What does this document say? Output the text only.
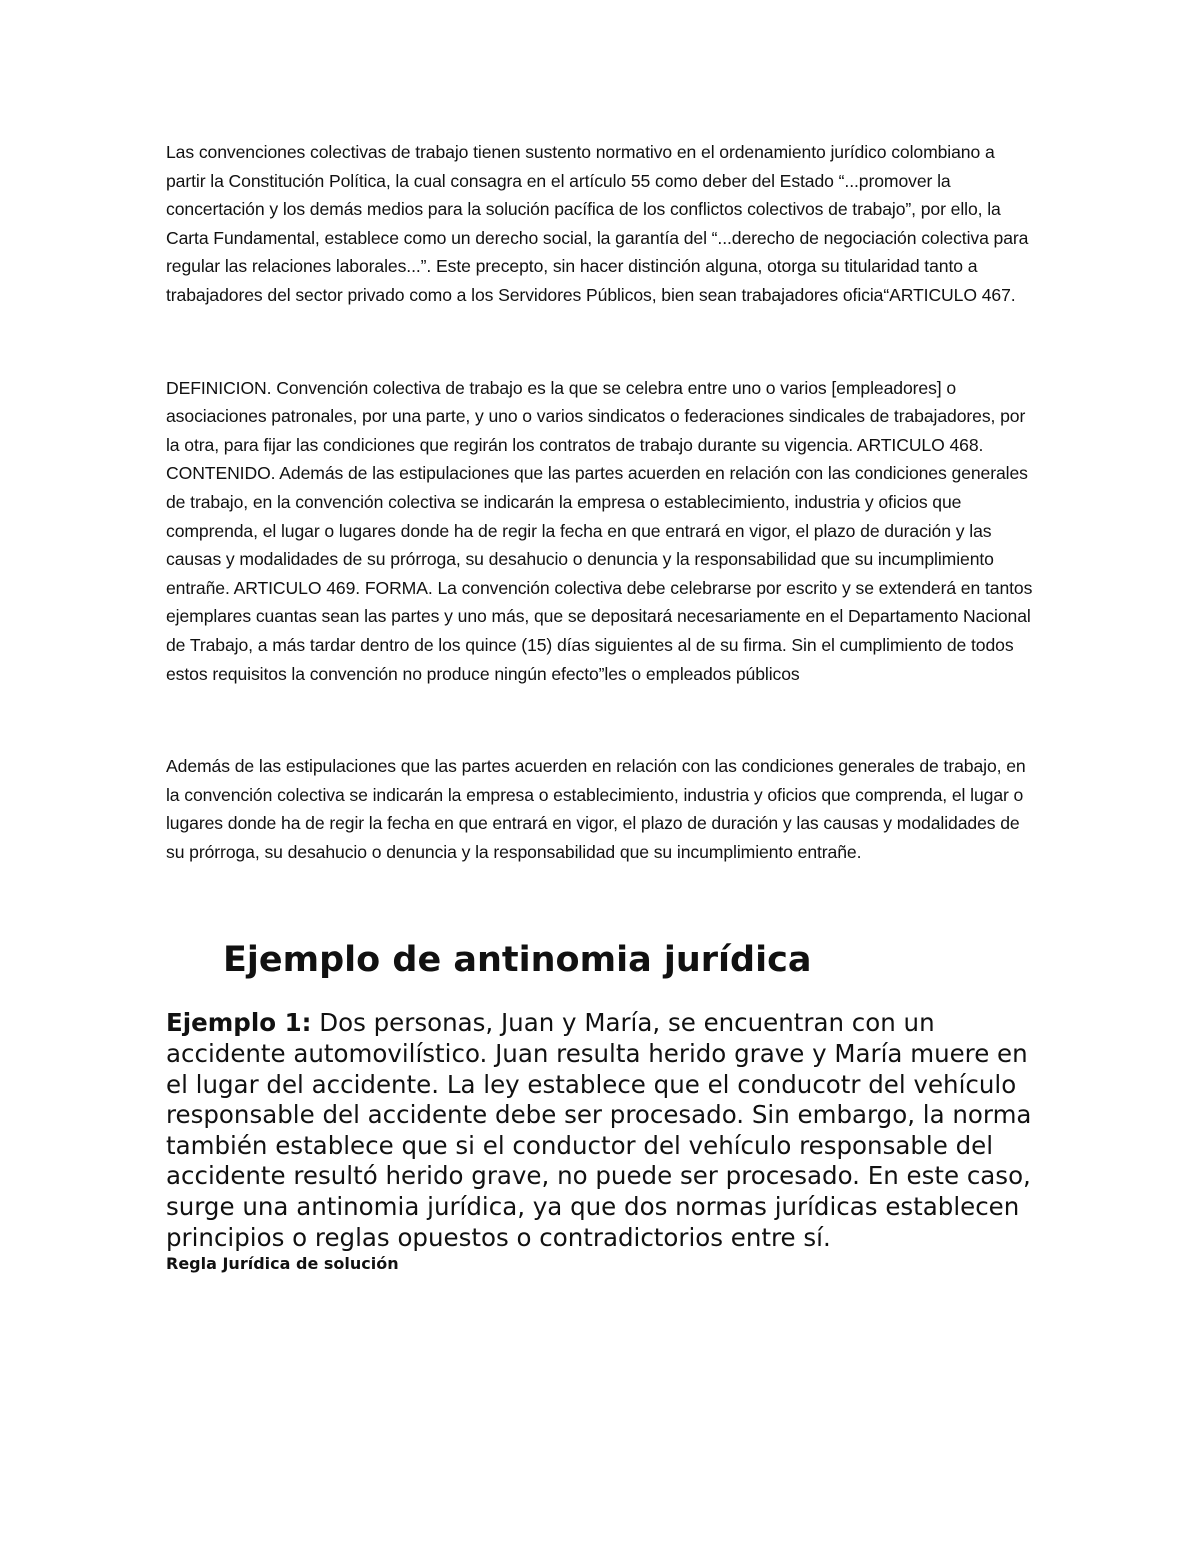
Las convenciones colectivas de trabajo tienen sustento normativo en el ordenamiento jurídico colombiano a partir la Constitución Política, la cual consagra en el artículo 55 como deber del Estado “...promover la concertación y los demás medios para la solución pacífica de los conflictos colectivos de trabajo”, por ello, la Carta Fundamental, establece como un derecho social, la garantía del “...derecho de negociación colectiva para regular las relaciones laborales...”. Este precepto, sin hacer distinción alguna, otorga su titularidad tanto a trabajadores del sector privado como a los Servidores Públicos, bien sean trabajadores oficia“ARTICULO 467.

DEFINICION. Convención colectiva de trabajo es la que se celebra entre uno o varios [empleadores] o asociaciones patronales, por una parte, y uno o varios sindicatos o federaciones sindicales de trabajadores, por la otra, para fijar las condiciones que regirán los contratos de trabajo durante su vigencia. ARTICULO 468. CONTENIDO. Además de las estipulaciones que las partes acuerden en relación con las condiciones generales de trabajo, en la convención colectiva se indicarán la empresa o establecimiento, industria y oficios que comprenda, el lugar o lugares donde ha de regir la fecha en que entrará en vigor, el plazo de duración y las causas y modalidades de su prórroga, su desahucio o denuncia y la responsabilidad que su incumplimiento entrañe. ARTICULO 469. FORMA. La convención colectiva debe celebrarse por escrito y se extenderá en tantos ejemplares cuantas sean las partes y uno más, que se depositará necesariamente en el Departamento Nacional de Trabajo, a más tardar dentro de los quince (15) días siguientes al de su firma. Sin el cumplimiento de todos estos requisitos la convención no produce ningún efecto”les o empleados públicos

Además de las estipulaciones que las partes acuerden en relación con las condiciones generales de trabajo, en la convención colectiva se indicarán la empresa o establecimiento, industria y oficios que comprenda, el lugar o lugares donde ha de regir la fecha en que entrará en vigor, el plazo de duración y las causas y modalidades de su prórroga, su desahucio o denuncia y la responsabilidad que su incumplimiento entrañe.

Ejemplo de antinomia jurídica

Ejemplo 1: Dos personas, Juan y María, se encuentran con un accidente automovilístico. Juan resulta herido grave y María muere en el lugar del accidente. La ley establece que el conducotr del vehículo responsable del accidente debe ser procesado. Sin embargo, la norma también establece que si el conductor del vehículo responsable del accidente resultó herido grave, no puede ser procesado. En este caso, surge una antinomia jurídica, ya que dos normas jurídicas establecen principios o reglas opuestos o contradictorios entre sí.

Regla Jurídica de solución
